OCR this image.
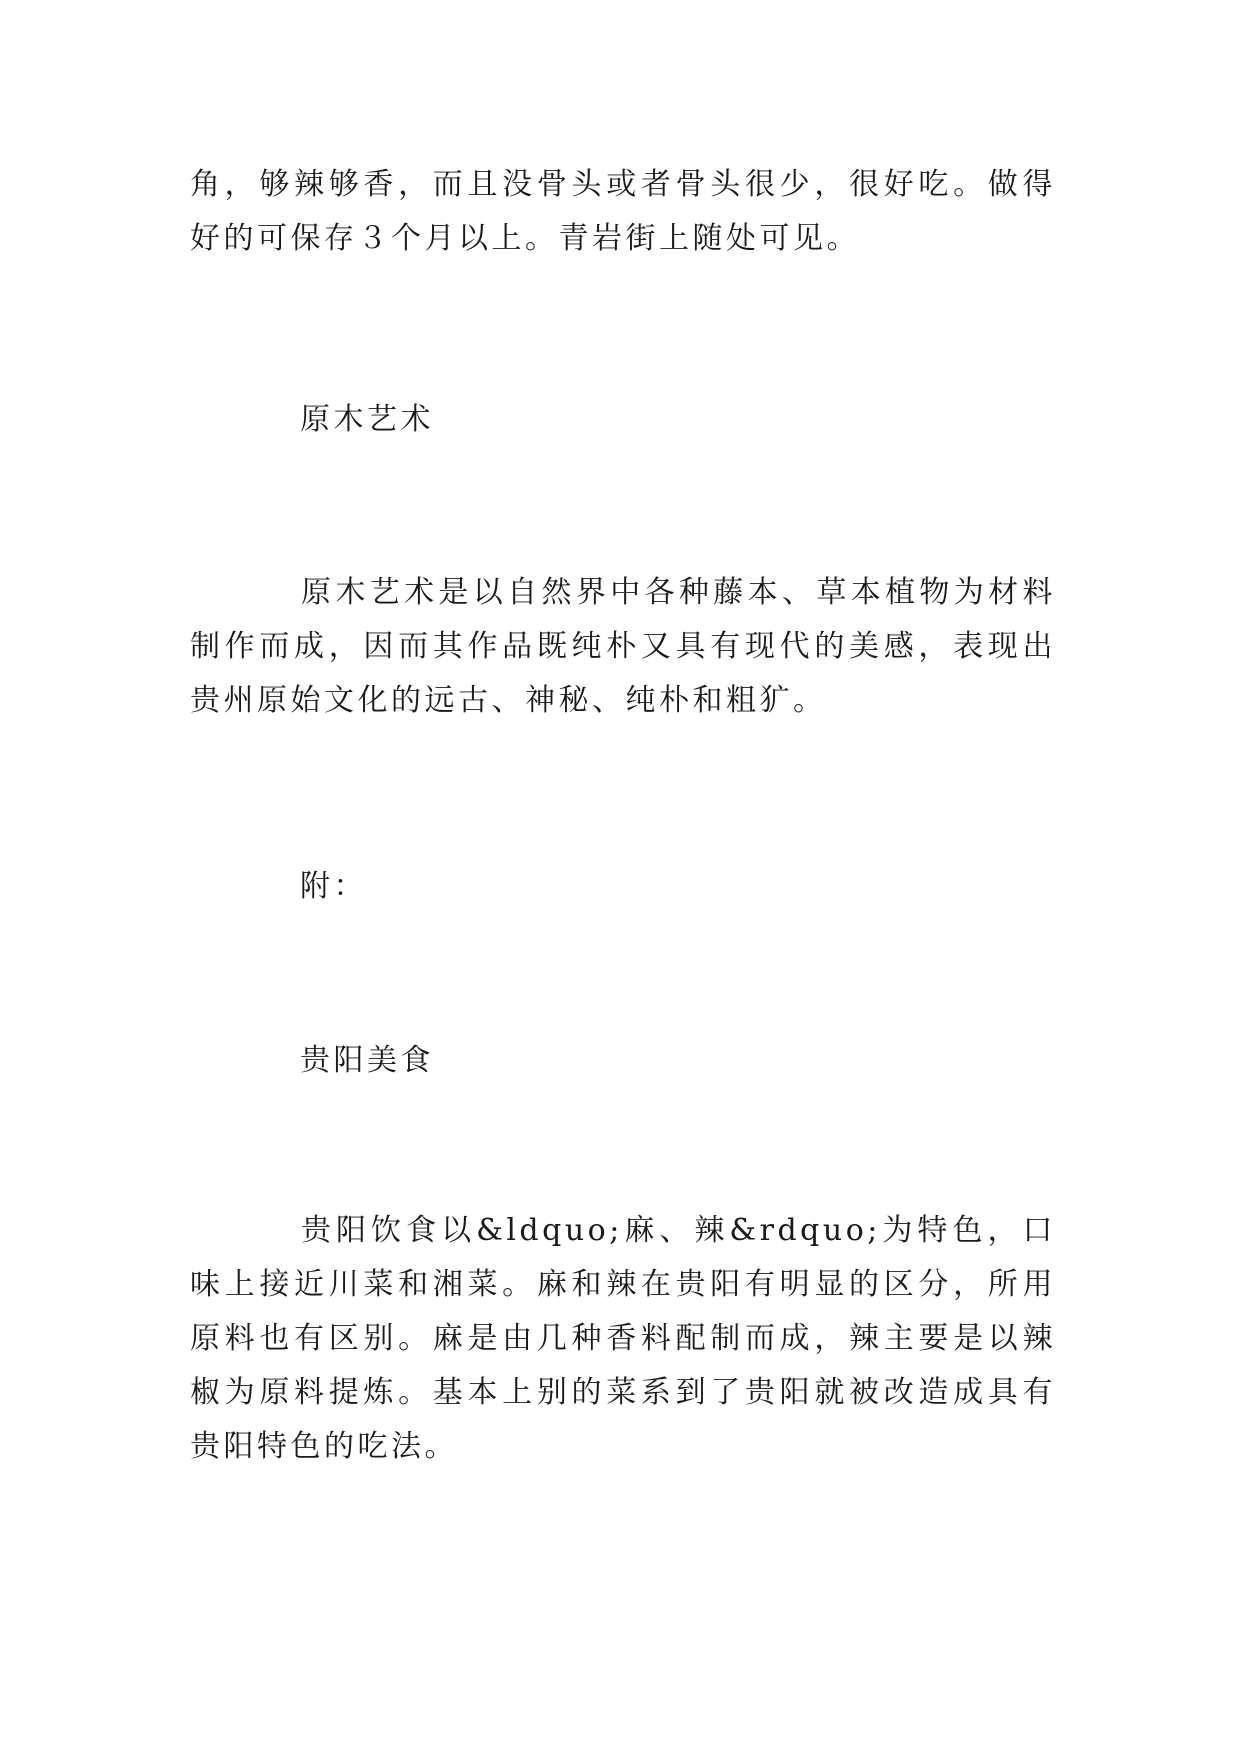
角，够辣够香，而且没骨头或者骨头很少，很好吃。做得好的可保存３个月以上。青岩街上随处可见。

原木艺术

原木艺术是以自然界中各种藤本、草本植物为材料制作而成，因而其作品既纯朴又具有现代的美感，表现出贵州原始文化的远古、神秘、纯朴和粗犷。

附：
贵阳美食

贵阳饮食以&ldquo;麻、辣&rdquo;为特色，口味上接近川菜和湘菜。麻和辣在贵阳有明显的区分，所用原料也有区别。麻是由几种香料配制而成，辣主要是以辣椒为原料提炼。基本上别的菜系到了贵阳就被改造成具有贵阳特色的吃法。
